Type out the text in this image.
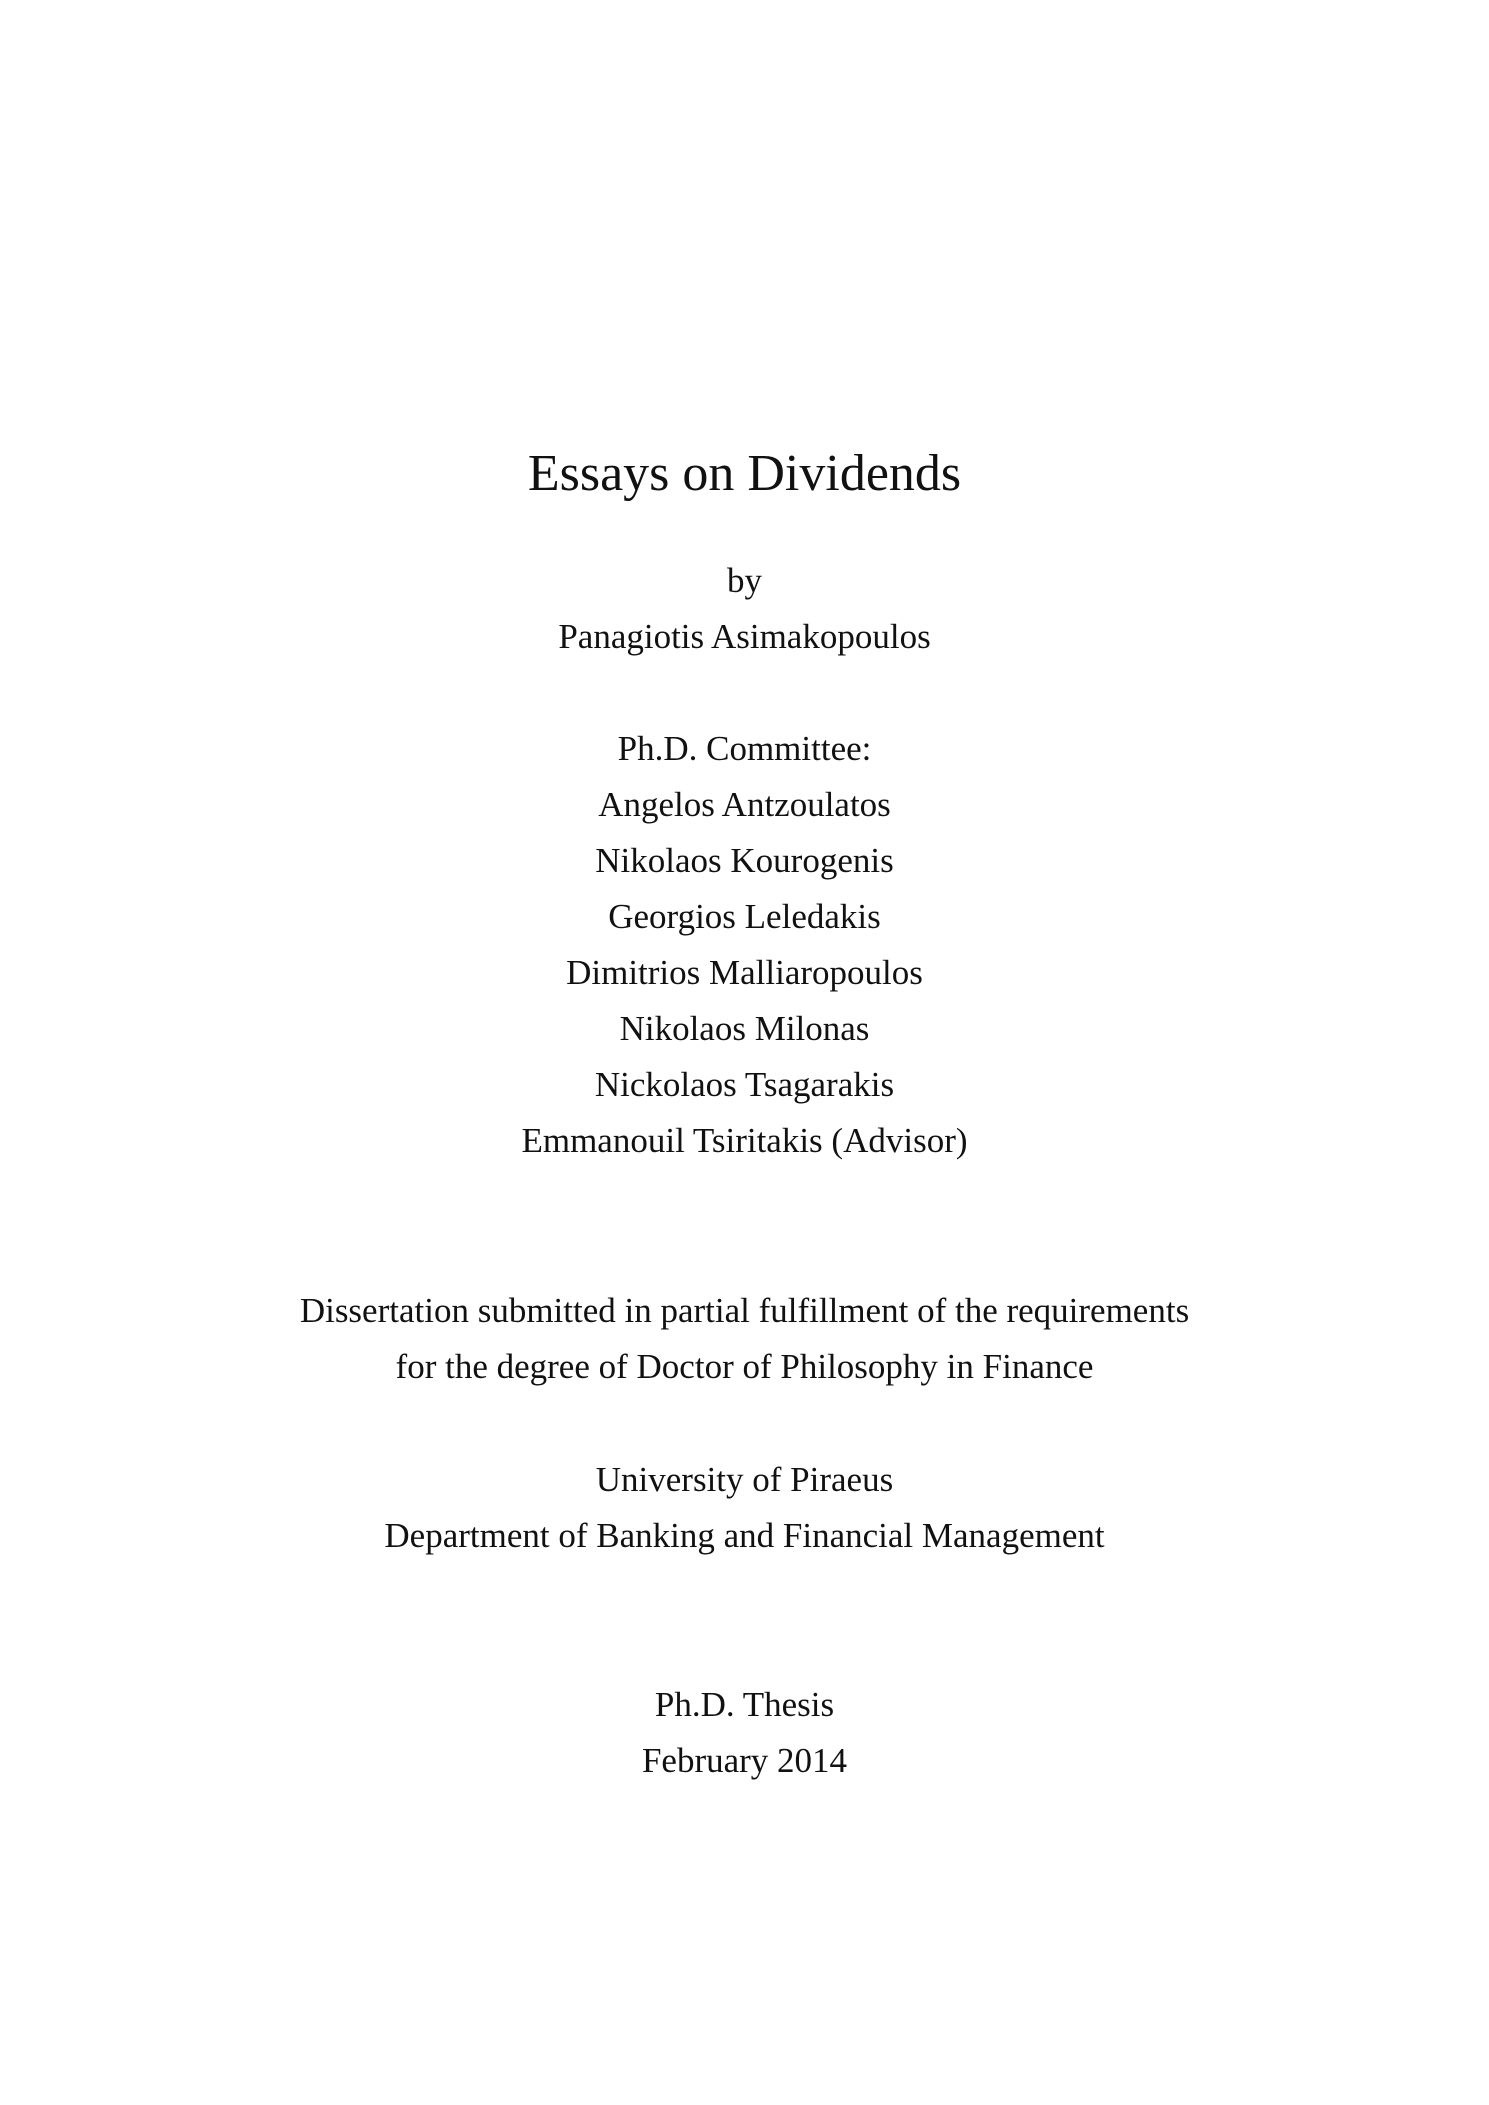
Essays on Dividends
by
Panagiotis Asimakopoulos
Ph.D. Committee:
Angelos Antzoulatos
Nikolaos Kourogenis
Georgios Leledakis
Dimitrios Malliaropoulos
Nikolaos Milonas
Nickolaos Tsagarakis
Emmanouil Tsiritakis (Advisor)
Dissertation submitted in partial fulfillment of the requirements
for the degree of Doctor of Philosophy in Finance
University of Piraeus
Department of Banking and Financial Management
Ph.D. Thesis
February 2014
